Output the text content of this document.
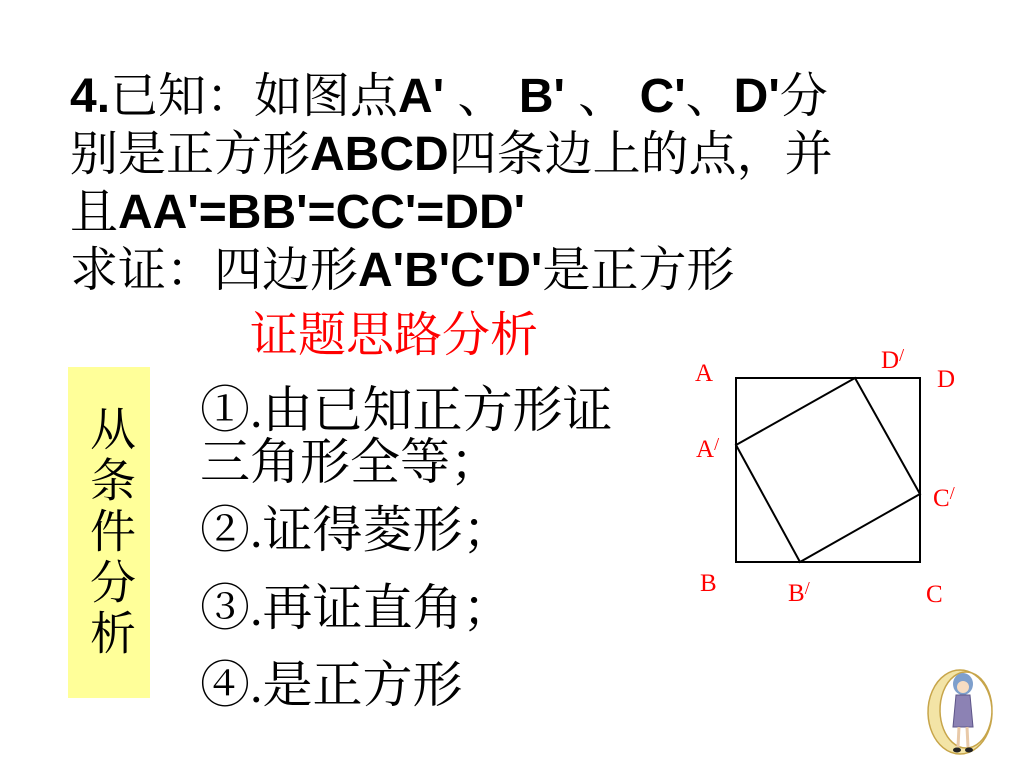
4. 已知：如图点 A' 、 B' 、 C' 、 D' 分
别是正方形 ABCD 四条边上的点，并
且 AA'=BB'=CC'=DD'
求证：四边形 A'B'C'D' 是正方形
证题思路分析
从条件分析 ①.由已知正方形证
三角形全等；
②.证得菱形；
③.再证直角；
④.是正方形
A
B	C
D
A/
B/
C/
D/
